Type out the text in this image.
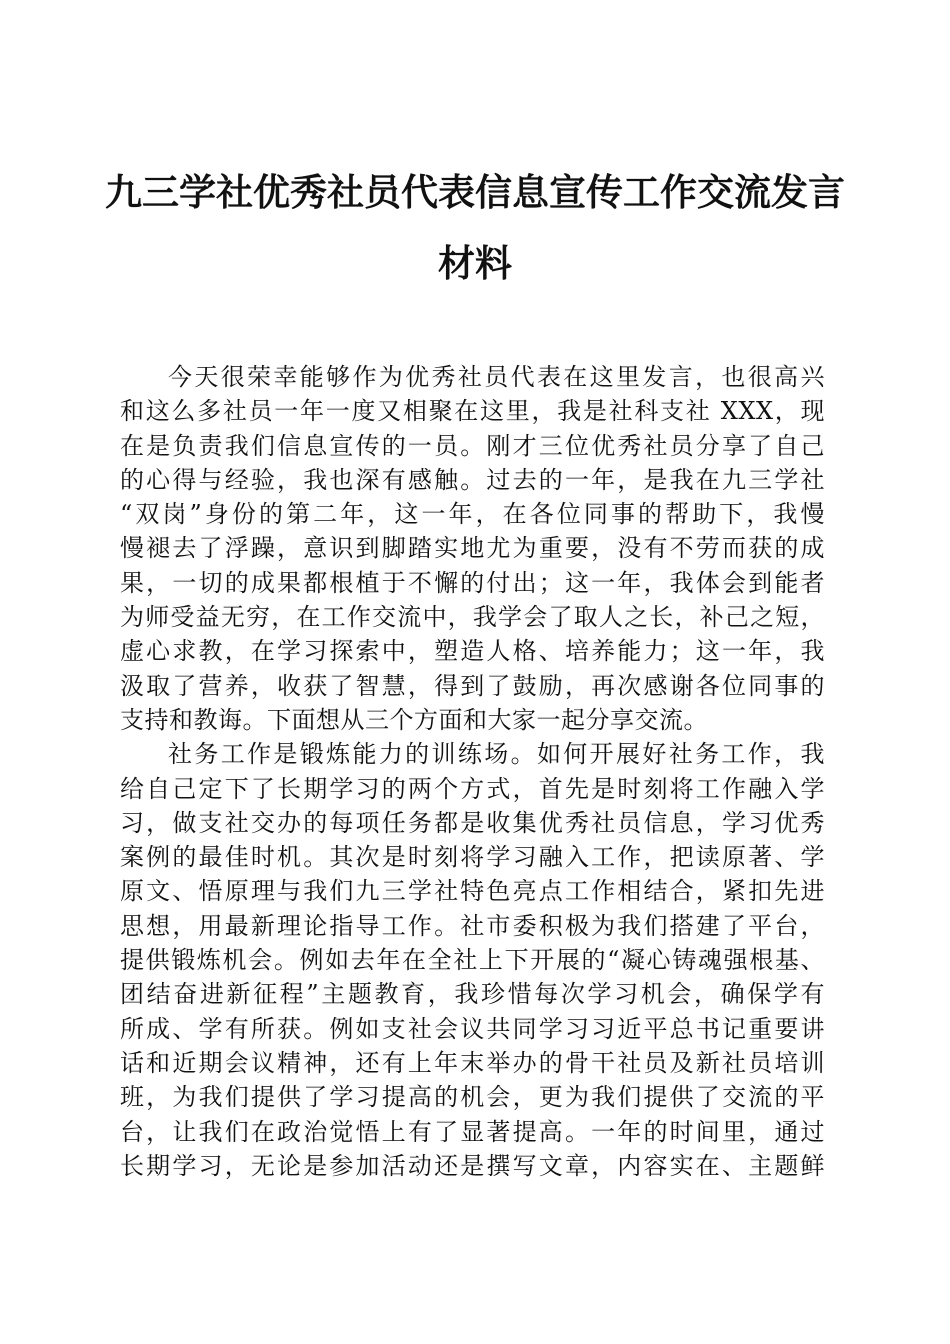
九三学社优秀社员代表信息宣传工作交流发言
材料
今天很荣幸能够作为优秀社员代表在这里发言，也很高兴
和这么多社员一年一度又相聚在这里，我是社科支社 XXX，现
在是负责我们信息宣传的一员。刚才三位优秀社员分享了自己
的心得与经验，我也深有感触。过去的一年，是我在九三学社
“双岗”身份的第二年，这一年，在各位同事的帮助下，我慢
慢褪去了浮躁，意识到脚踏实地尤为重要，没有不劳而获的成
果，一切的成果都根植于不懈的付出；这一年，我体会到能者
为师受益无穷，在工作交流中，我学会了取人之长，补己之短，
虚心求教，在学习探索中，塑造人格、培养能力；这一年，我
汲取了营养，收获了智慧，得到了鼓励，再次感谢各位同事的
支持和教诲。下面想从三个方面和大家一起分享交流。
社务工作是锻炼能力的训练场。如何开展好社务工作，我
给自己定下了长期学习的两个方式，首先是时刻将工作融入学
习，做支社交办的每项任务都是收集优秀社员信息，学习优秀
案例的最佳时机。其次是时刻将学习融入工作，把读原著、学
原文、悟原理与我们九三学社特色亮点工作相结合，紧扣先进
思想，用最新理论指导工作。社市委积极为我们搭建了平台，
提供锻炼机会。例如去年在全社上下开展的“凝心铸魂强根基、
团结奋进新征程”主题教育，我珍惜每次学习机会，确保学有
所成、学有所获。例如支社会议共同学习习近平总书记重要讲
话和近期会议精神，还有上年末举办的骨干社员及新社员培训
班，为我们提供了学习提高的机会，更为我们提供了交流的平
台，让我们在政治觉悟上有了显著提高。一年的时间里，通过
长期学习，无论是参加活动还是撰写文章，内容实在、主题鲜
